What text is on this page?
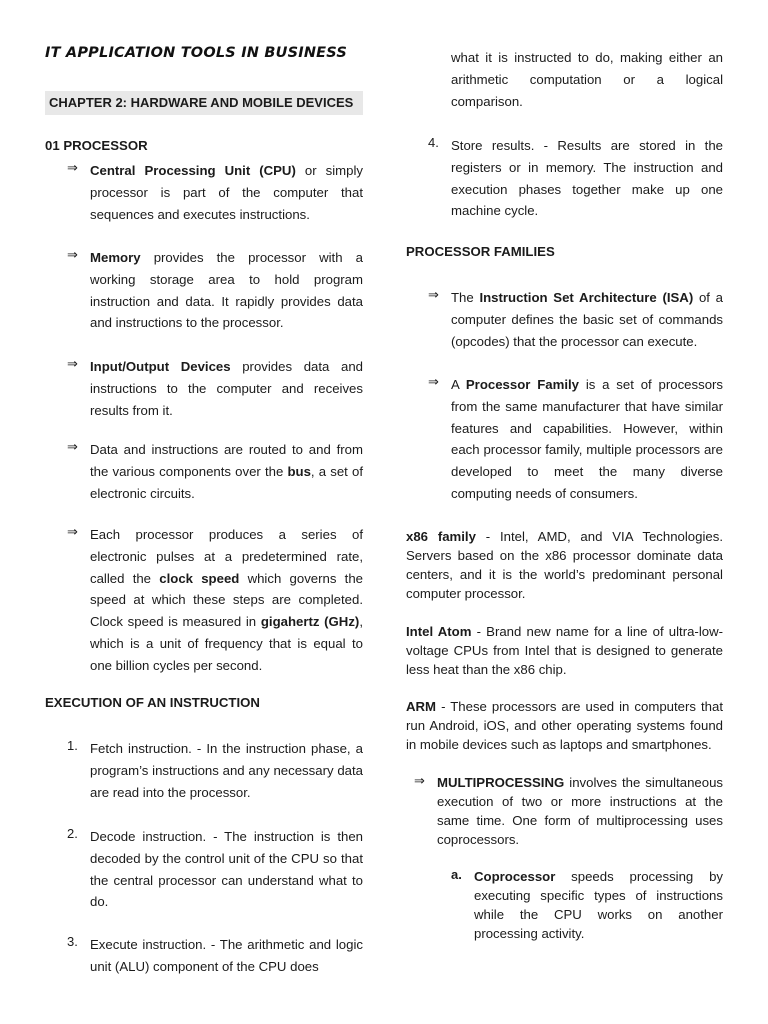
IT APPLICATION TOOLS IN BUSINESS
CHAPTER 2: HARDWARE AND MOBILE DEVICES
01 PROCESSOR
⇒ Central Processing Unit (CPU) or simply processor is part of the computer that sequences and executes instructions.
⇒ Memory provides the processor with a working storage area to hold program instruction and data. It rapidly provides data and instructions to the processor.
⇒ Input/Output Devices provides data and instructions to the computer and receives results from it.
⇒ Data and instructions are routed to and from the various components over the bus, a set of electronic circuits.
⇒ Each processor produces a series of electronic pulses at a predetermined rate, called the clock speed which governs the speed at which these steps are completed. Clock speed is measured in gigahertz (GHz), which is a unit of frequency that is equal to one billion cycles per second.
EXECUTION OF AN INSTRUCTION
1. Fetch instruction. - In the instruction phase, a program’s instructions and any necessary data are read into the processor.
2. Decode instruction. - The instruction is then decoded by the control unit of the CPU so that the central processor can understand what to do.
3. Execute instruction. - The arithmetic and logic unit (ALU) component of the CPU does
what it is instructed to do, making either an arithmetic computation or a logical comparison.
4. Store results. - Results are stored in the registers or in memory. The instruction and execution phases together make up one machine cycle.
PROCESSOR FAMILIES
⇒ The Instruction Set Architecture (ISA) of a computer defines the basic set of commands (opcodes) that the processor can execute.
⇒ A Processor Family is a set of processors from the same manufacturer that have similar features and capabilities. However, within each processor family, multiple processors are developed to meet the many diverse computing needs of consumers.
x86 family - Intel, AMD, and VIA Technologies. Servers based on the x86 processor dominate data centers, and it is the world’s predominant personal computer processor.
Intel Atom - Brand new name for a line of ultra-low-voltage CPUs from Intel that is designed to generate less heat than the x86 chip.
ARM - These processors are used in computers that run Android, iOS, and other operating systems found in mobile devices such as laptops and smartphones.
⇒ MULTIPROCESSING involves the simultaneous execution of two or more instructions at the same time. One form of multiprocessing uses coprocessors.
a. Coprocessor speeds processing by executing specific types of instructions while the CPU works on another processing activity.
